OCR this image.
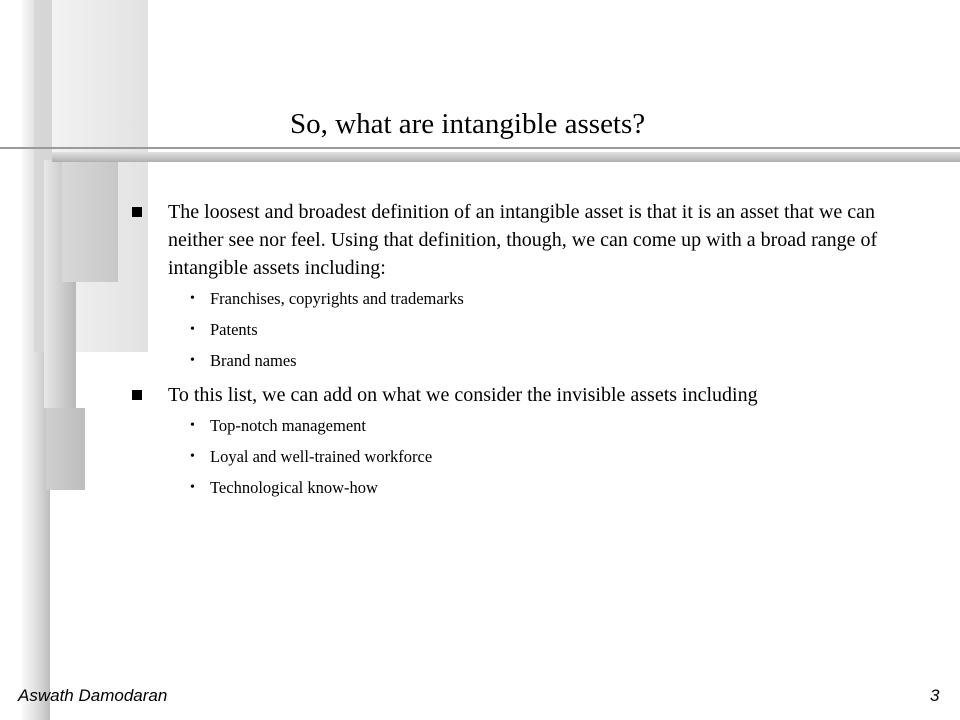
So, what are intangible assets?
The loosest and broadest definition of an intangible asset is that it is an asset that we can neither see nor feel. Using that definition, though, we can come up with a broad range of intangible assets including:
• Franchises, copyrights and trademarks
• Patents
• Brand names
To this list, we can add on what we consider the invisible assets including
• Top-notch management
• Loyal and well-trained workforce
• Technological know-how
Aswath Damodaran	3
